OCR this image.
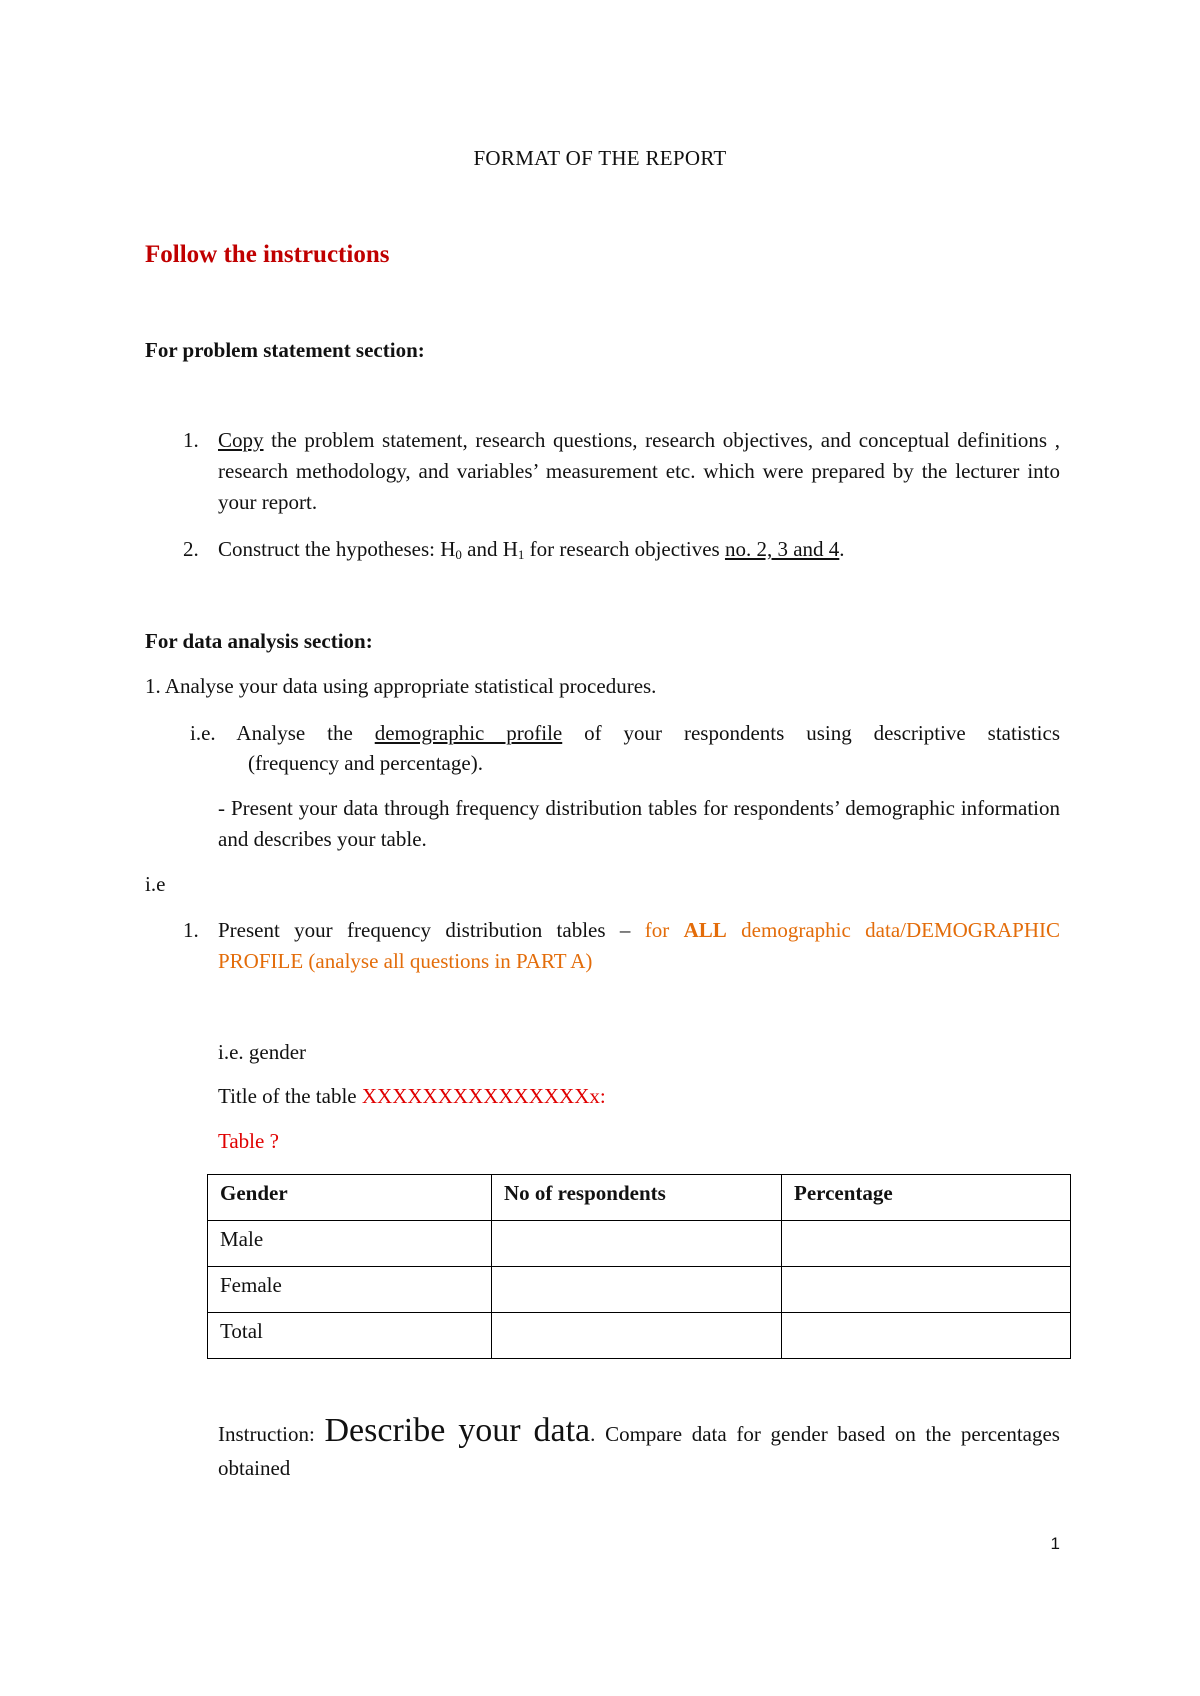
FORMAT OF THE REPORT

Follow the instructions

For problem statement section:

1. Copy the problem statement, research questions, research objectives, and conceptual definitions , research methodology, and variables’ measurement etc. which were prepared by the lecturer into your report.
2. Construct the hypotheses: $H_0$ and $H_1$ for research objectives no. 2, 3 and 4.

For data analysis section:

1. Analyse your data using appropriate statistical procedures.

i.e. Analyse the demographic profile of your respondents using descriptive statistics

(frequency and percentage).

- Present your data through frequency distribution tables for respondents’ demographic information and describes your table.

i.e

1. Present your frequency distribution tables – for ALL demographic data/DEMOGRAPHIC PROFILE (analyse all questions in PART A)

i.e. gender

Title of the table XXXXXXXXXXXXXXXx:

Table ?

Gender	No of respondents	Percentage
Male		
Female		
Total		
Instruction: Describe your data. Compare data for gender based on the percentages obtained

1
